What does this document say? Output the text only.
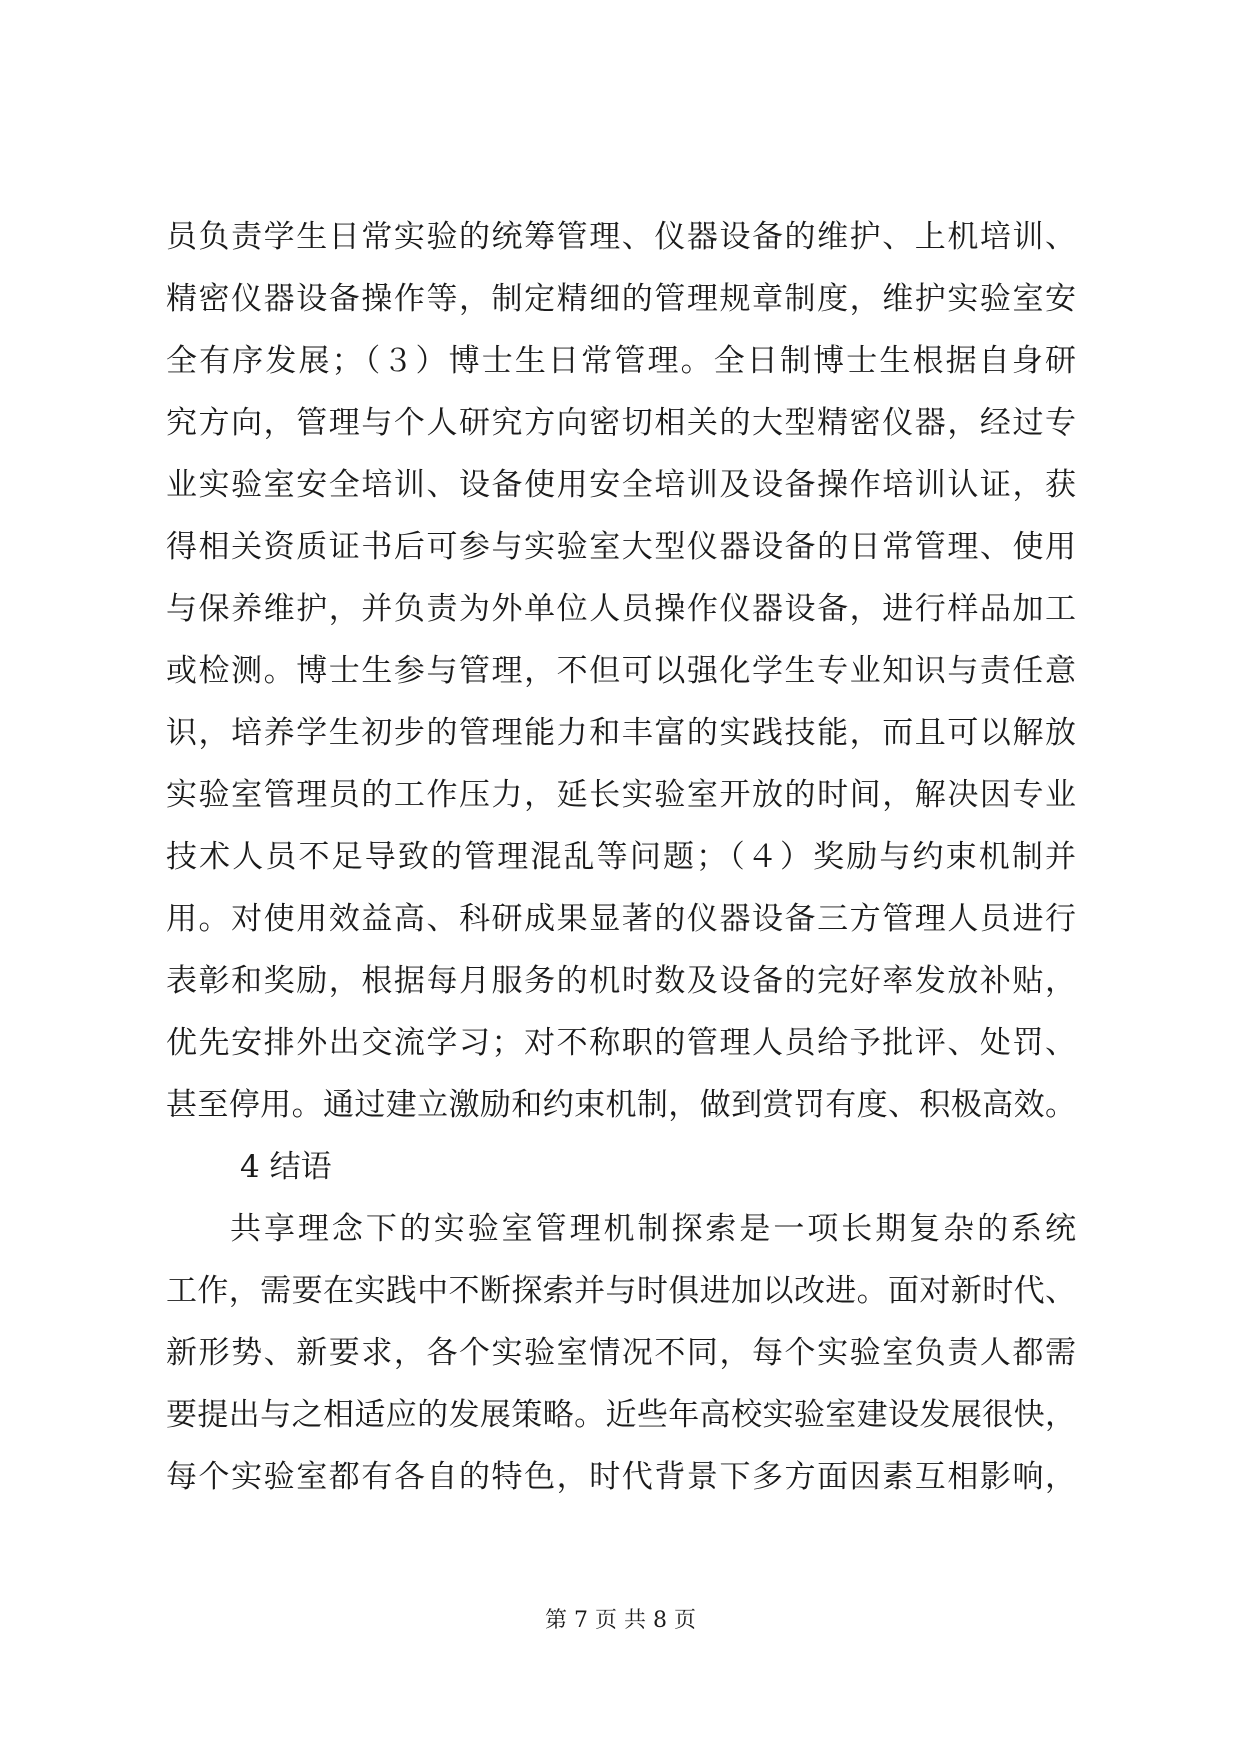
员负责学生日常实验的统筹管理、仪器设备的维护、上机培训、
精密仪器设备操作等，制定精细的管理规章制度，维护实验室安
全有序发展；（３）博士生日常管理。全日制博士生根据自身研
究方向，管理与个人研究方向密切相关的大型精密仪器，经过专
业实验室安全培训、设备使用安全培训及设备操作培训认证，获
得相关资质证书后可参与实验室大型仪器设备的日常管理、使用
与保养维护，并负责为外单位人员操作仪器设备，进行样品加工
或检测。博士生参与管理，不但可以强化学生专业知识与责任意
识，培养学生初步的管理能力和丰富的实践技能，而且可以解放
实验室管理员的工作压力，延长实验室开放的时间，解决因专业
技术人员不足导致的管理混乱等问题；（４）奖励与约束机制并
用。对使用效益高、科研成果显著的仪器设备三方管理人员进行
表彰和奖励，根据每月服务的机时数及设备的完好率发放补贴，
优先安排外出交流学习；对不称职的管理人员给予批评、处罚、
甚至停用。通过建立激励和约束机制，做到赏罚有度、积极高效。
4 结语
共享理念下的实验室管理机制探索是一项长期复杂的系统
工作，需要在实践中不断探索并与时俱进加以改进。面对新时代、
新形势、新要求，各个实验室情况不同，每个实验室负责人都需
要提出与之相适应的发展策略。近些年高校实验室建设发展很快，
每个实验室都有各自的特色，时代背景下多方面因素互相影响，
第 7 页 共 8 页
